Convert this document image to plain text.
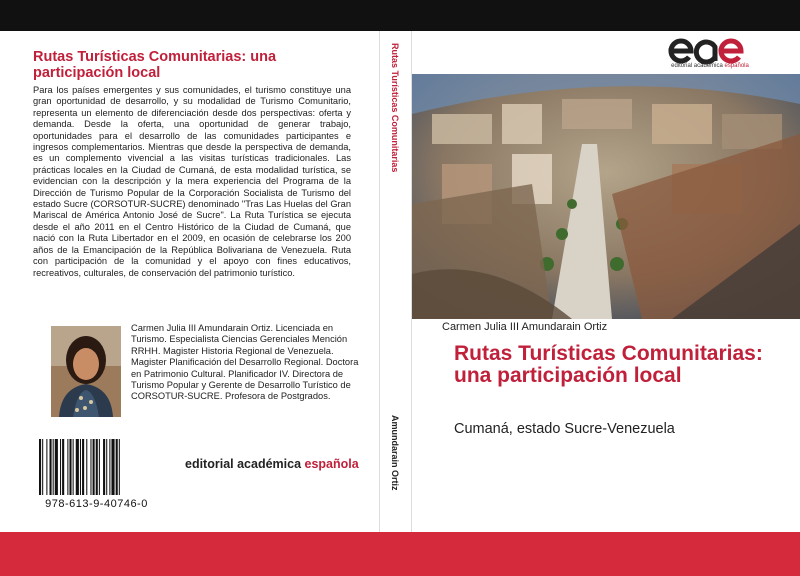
Rutas Turísticas Comunitarias: una participación local
Para los países emergentes y sus comunidades, el turismo constituye una gran oportunidad de desarrollo, y su modalidad de Turismo Comunitario, representa un elemento de diferenciación desde dos perspectivas: oferta y demanda. Desde la oferta, una oportunidad de generar trabajo, oportunidades para el desarrollo de las comunidades participantes e ingresos complementarios. Mientras que desde la perspectiva de demanda, es un complemento vivencial a las visitas turísticas tradicionales. Las prácticas locales en la Ciudad de Cumaná, de esta modalidad turística, se evidencian con la descripción y la mera experiencia del Programa de la Dirección de Turismo Popular de la Corporación Socialista de Turismo del estado Sucre (CORSOTUR-SUCRE) denominado "Tras Las Huelas del Gran Mariscal de América Antonio José de Sucre". La Ruta Turística se ejecuta desde el año 2011 en el Centro Histórico de la Ciudad de Cumaná, que nació con la Ruta Libertador en el 2009, en ocasión de celebrarse los 200 años de la Emancipación de la República Bolivariana de Venezuela. Ruta con participación de la comunidad y el apoyo con fines educativos, recreativos, culturales, de conservación del patrimonio turístico.
Carmen Julia III Amundarain Ortiz. Licenciada en Turismo. Especialista Ciencias Gerenciales Mención RRHH. Magister Historia Regional de Venezuela. Magister Planificación del Desarrollo Regional. Doctora en Patrimonio Cultural. Planificador IV. Directora de Turismo Popular y Gerente de Desarrollo Turístico de CORSOTUR-SUCRE. Profesora de Postgrados.
978-613-9-40746-0
editorial académica española
Rutas Turísticas Comunitarias
Amundarain Ortiz
editorial académica española
Carmen Julia III Amundarain Ortiz
Rutas Turísticas Comunitarias: una participación local
Cumaná, estado Sucre-Venezuela
